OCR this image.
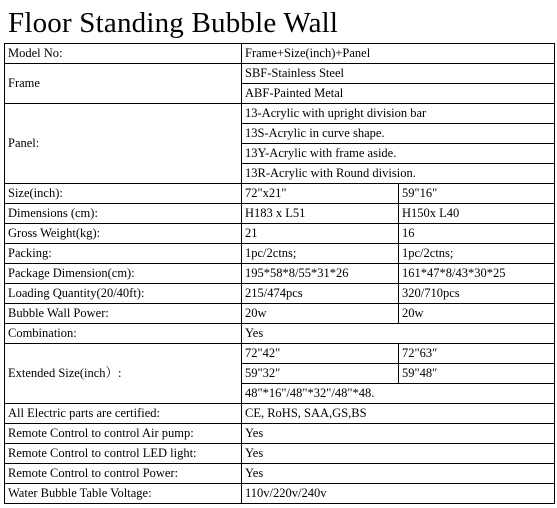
Floor Standing Bubble Wall
Model No:	Frame+Size(inch)+Panel	
Frame	SBF-Stainless Steel	
	ABF-Painted Metal	
Panel:	13-Acrylic with upright division bar	
	13S-Acrylic in curve shape.	
	13Y-Acrylic with frame aside.	
	13R-Acrylic with Round division.	
Size(inch):	72"x21"	59"16"
Dimensions (cm):	H183 x L51	H150x L40
Gross Weight(kg):	21	16
Packing:	1pc/2ctns;	1pc/2ctns;
Package Dimension(cm):	195*58*8/55*31*26	161*47*8/43*30*25
Loading Quantity(20/40ft):	215/474pcs	320/710pcs
Bubble Wall Power:	20w	20w
Combination:	Yes	
Extended Size(inch）:	72"42"	72"63″
	59"32"	59"48″
	48"*16"/48"*32"/48"*48.	
All Electric parts are certified:	CE, RoHS, SAA,GS,BS	
Remote Control to control Air pump:	Yes	
Remote Control to control LED light:	Yes	
Remote Control to control Power:	Yes	
Water Bubble Table Voltage:	110v/220v/240v	
